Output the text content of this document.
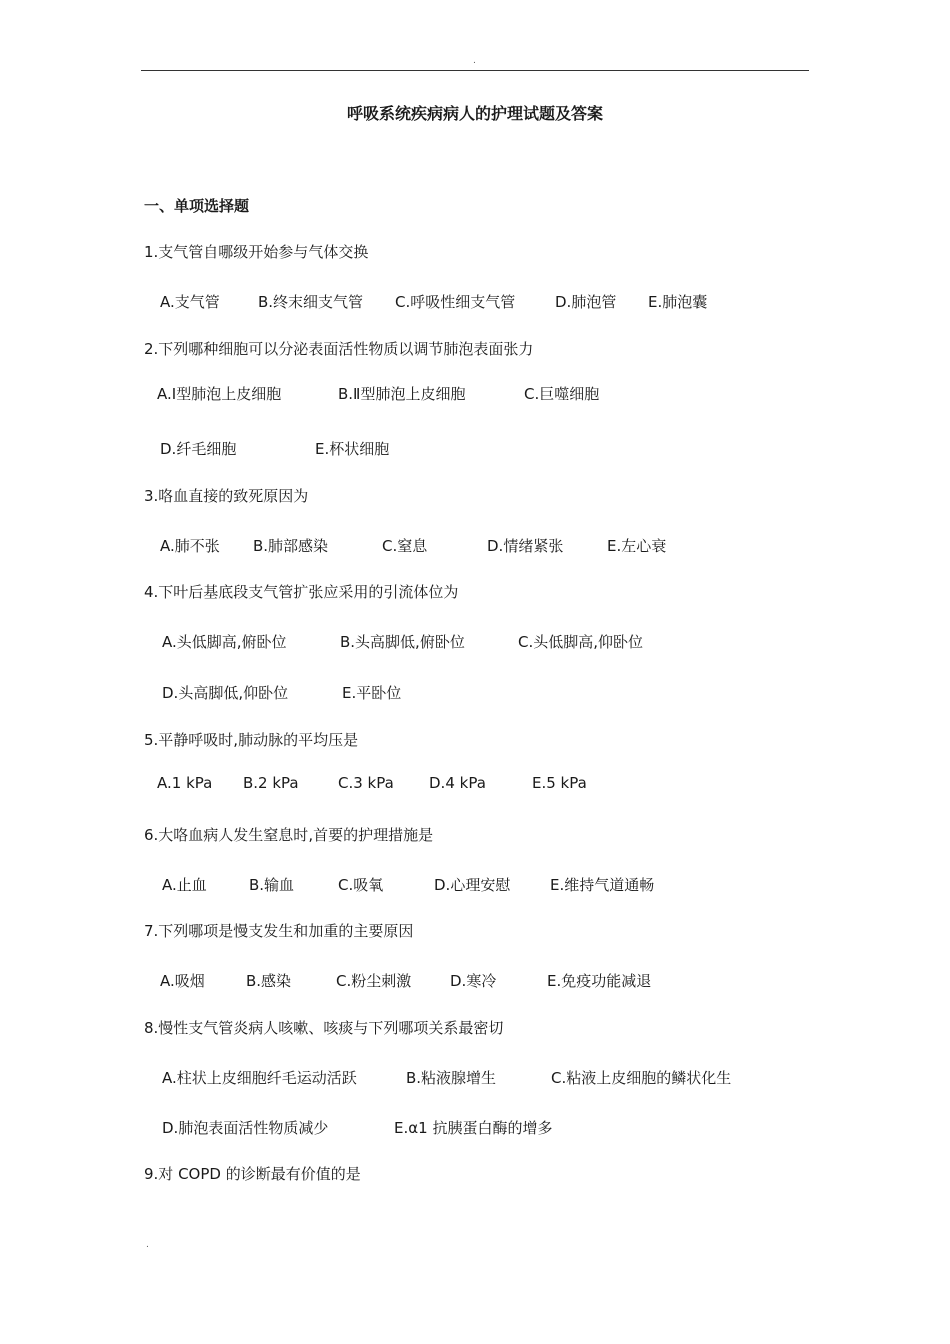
.
呼吸系统疾病病人的护理试题及答案
一、单项选择题
1.支气管自哪级开始参与气体交换
A.支气管	B.终末细支气管 C.呼吸性细支气管	D.肺泡管 E.肺泡囊
2.下列哪种细胞可以分泌表面活性物质以调节肺泡表面张力
A.Ⅰ型肺泡上皮细胞	B.Ⅱ型肺泡上皮细胞	C.巨噬细胞
D.纤毛细胞	E.杯状细胞
3.咯血直接的致死原因为
A.肺不张 B.肺部感染	C.窒息	D.情绪紧张	E.左心衰
4.下叶后基底段支气管扩张应采用的引流体位为
A.头低脚高,俯卧位	B.头高脚低,俯卧位	C.头低脚高,仰卧位
D.头高脚低,仰卧位	E.平卧位
5.平静呼吸时,肺动脉的平均压是
A.1 kPa B.2 kPa	C.3 kPa D.4 kPa	E.5 kPa
6.大咯血病人发生窒息时,首要的护理措施是
A.止血	B.输血	C.吸氧	D.心理安慰	E.维持气道通畅
7.下列哪项是慢支发生和加重的主要原因
A.吸烟	B.感染	C.粉尘刺激	D.寒冷	E.免疫功能减退
8.慢性支气管炎病人咳嗽、咳痰与下列哪项关系最密切
A.柱状上皮细胞纤毛运动活跃	B.粘液腺增生	C.粘液上皮细胞的鳞状化生
D.肺泡表面活性物质减少	E.α1 抗胰蛋白酶的增多
9.对 COPD 的诊断最有价值的是
.
